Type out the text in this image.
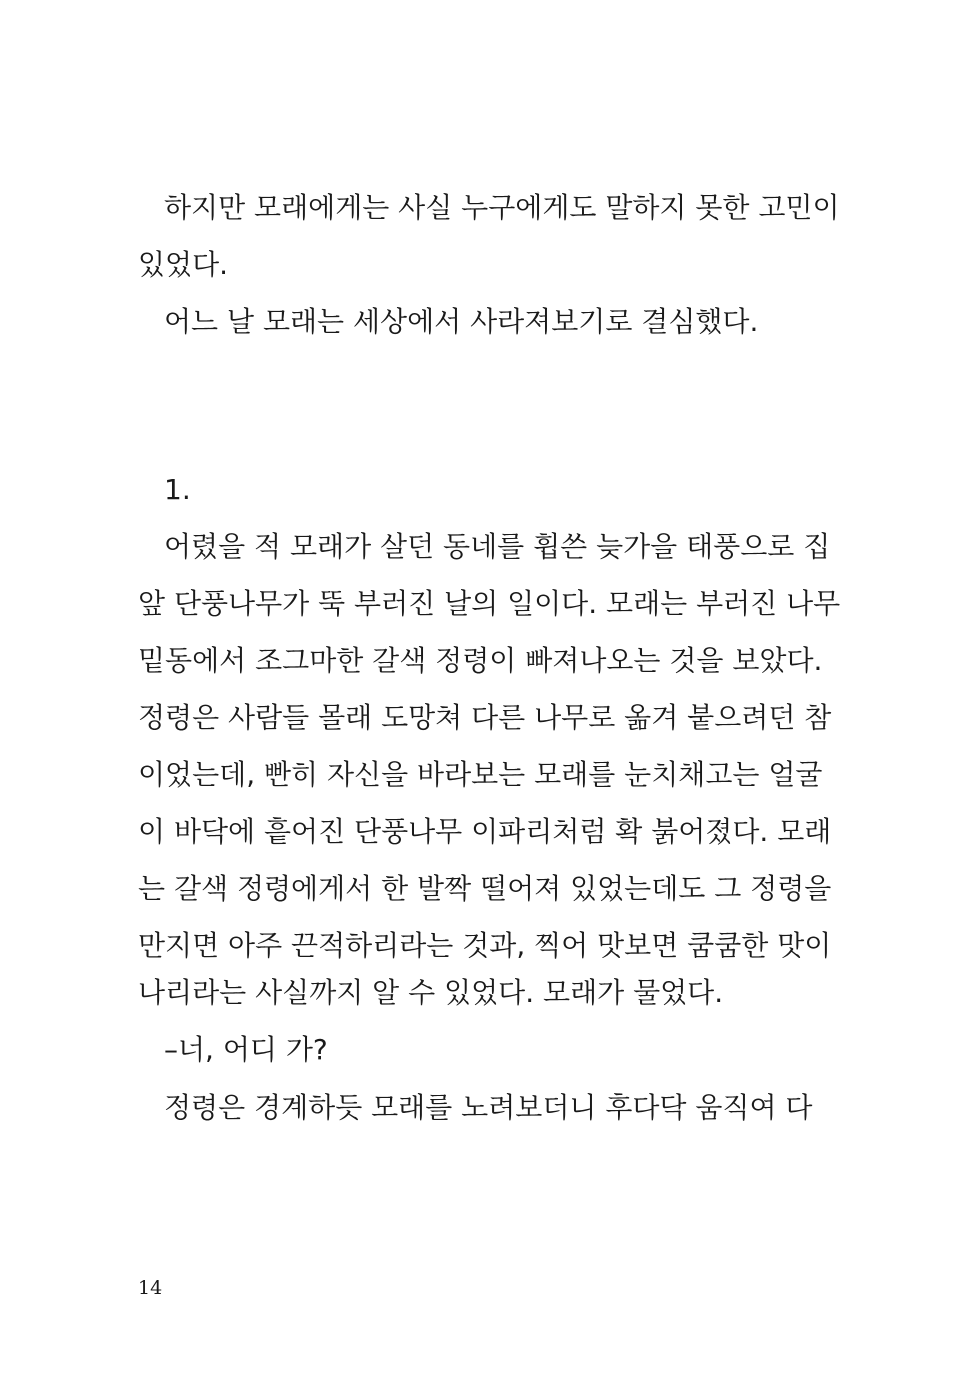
하지만 모래에게는 사실 누구에게도 말하지 못한 고민이
있었다.
어느 날 모래는 세상에서 사라져보기로 결심했다.
1.
어렸을 적 모래가 살던 동네를 휩쓴 늦가을 태풍으로 집
앞 단풍나무가 뚝 부러진 날의 일이다. 모래는 부러진 나무
밑동에서 조그마한 갈색 정령이 빠져나오는 것을 보았다.
정령은 사람들 몰래 도망쳐 다른 나무로 옮겨 붙으려던 참
이었는데, 빤히 자신을 바라보는 모래를 눈치채고는 얼굴
이 바닥에 흩어진 단풍나무 이파리처럼 확 붉어졌다. 모래
는 갈색 정령에게서 한 발짝 떨어져 있었는데도 그 정령을
만지면 아주 끈적하리라는 것과, 찍어 맛보면 쿰쿰한 맛이
나리라는 사실까지 알 수 있었다. 모래가 물었다.
–너, 어디 가?
정령은 경계하듯 모래를 노려보더니 후다닥 움직여 다
14
